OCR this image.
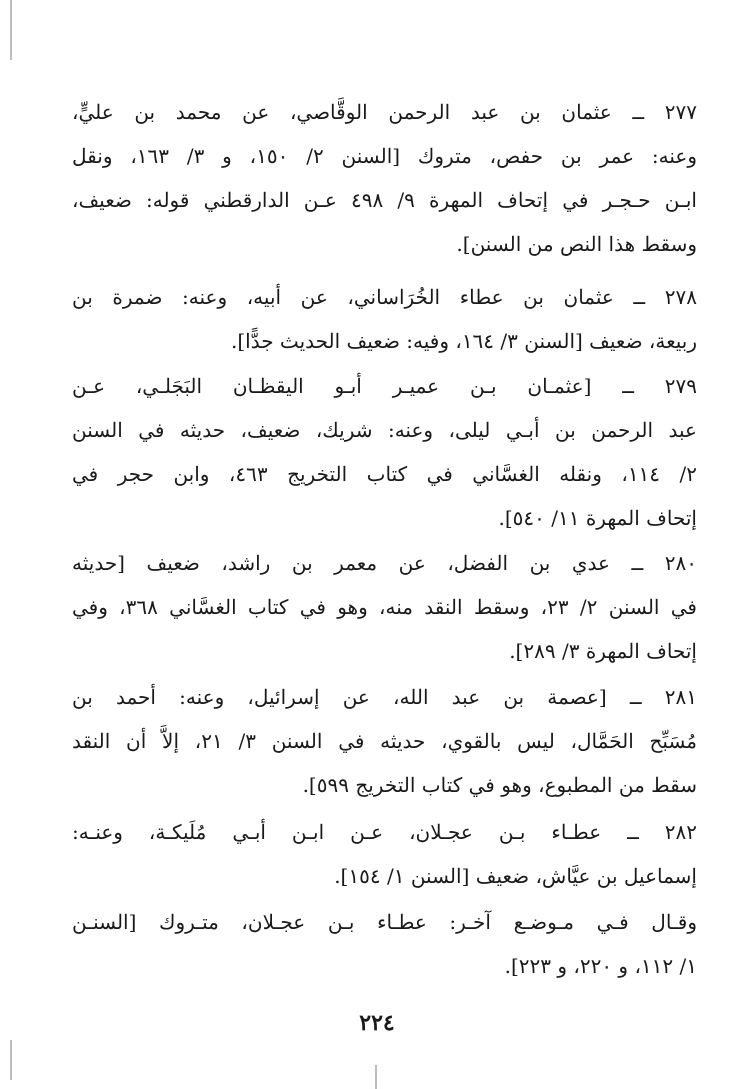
٢٧٧ ــ عثمان بن عبد الرحمن الوقَّاصي، عن محمد بن عليٍّ،
وعنه: عمر بن حفص، متروك [السنن ٢/ ١٥٠، و ٣/ ١٦٣، ونقل
ابـن حـجـر في إتحاف المهرة ٩/ ٤٩٨ عـن الدارقطني قوله: ضعيف،
وسقط هذا النص من السنن].
٢٧٨ ــ عثمان بن عطاء الخُرَاساني، عن أبيه، وعنه: ضمرة بن
ربيعة، ضعيف [السنن ٣/ ١٦٤، وفيه: ضعيف الحديث جدًّا].
٢٧٩ ــ [عثمـان بـن عميـر أبـو اليقظـان البَجَلـي، عـن
عبد الرحمن بن أبـي ليلى، وعنه: شريك، ضعيف، حديثه في السنن
٢/ ١١٤، ونقله الغسَّاني في كتاب التخريج ٤٦٣، وابن حجر في
إتحاف المهرة ١١/ ٥٤٠].
٢٨٠ ــ عدي بن الفضل، عن معمر بن راشد، ضعيف [حديثه
في السنن ٢/ ٢٣، وسقط النقد منه، وهو في كتاب الغسَّاني ٣٦٨، وفي
إتحاف المهرة ٣/ ٢٨٩].
٢٨١ ــ [عصمة بن عبد الله، عن إسرائيل، وعنه: أحمد بن
مُسَبِّح الحَمَّال، ليس بالقوي، حديثه في السنن ٣/ ٢١، إلاَّ أن النقد
سقط من المطبوع، وهو في كتاب التخريج ٥٩٩].
٢٨٢ ــ عطـاء بـن عجـلان، عـن ابـن أبـي مُلَيكـة، وعنـه:
إسماعيل بن عيَّاش، ضعيف [السنن ١/ ١٥٤].
وقـال فـي مـوضـع آخـر: عطـاء بـن عجـلان، متـروك [السنـن
١/ ١١٢، و ٢٢٠، و ٢٢٣].
٢٢٤
